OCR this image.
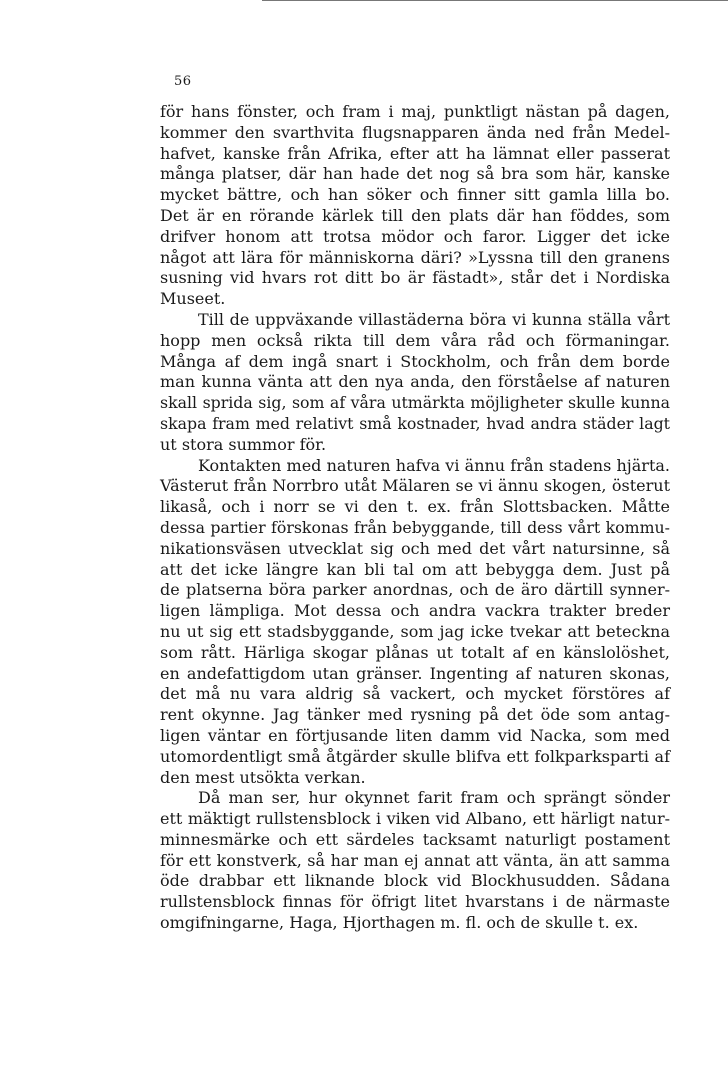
56
för hans fönster, och fram i maj, punktligt nästan på dagen,
kommer den svarthvita flugsnapparen ända ned från Medel-
hafvet, kanske från Afrika, efter att ha lämnat eller passerat
många platser, där han hade det nog så bra som här, kanske
mycket bättre, och han söker och finner sitt gamla lilla bo.
Det är en rörande kärlek till den plats där han föddes, som
drifver honom att trotsa mödor och faror. Ligger det icke
något att lära för människorna däri? »Lyssna till den granens
susning vid hvars rot ditt bo är fästadt», står det i Nordiska
Museet.
Till de uppväxande villastäderna böra vi kunna ställa vårt
hopp men också rikta till dem våra råd och förmaningar.
Många af dem ingå snart i Stockholm, och från dem borde
man kunna vänta att den nya anda, den förståelse af naturen
skall sprida sig, som af våra utmärkta möjligheter skulle kunna
skapa fram med relativt små kostnader, hvad andra städer lagt
ut stora summor för.
Kontakten med naturen hafva vi ännu från stadens hjärta.
Västerut från Norrbro utåt Mälaren se vi ännu skogen, österut
likaså, och i norr se vi den t. ex. från Slottsbacken. Måtte
dessa partier förskonas från bebyggande, till dess vårt kommu-
nikationsväsen utvecklat sig och med det vårt natursinne, så
att det icke längre kan bli tal om att bebygga dem. Just på
de platserna böra parker anordnas, och de äro därtill synner-
ligen lämpliga. Mot dessa och andra vackra trakter breder
nu ut sig ett stadsbyggande, som jag icke tvekar att beteckna
som rått. Härliga skogar plånas ut totalt af en känslolöshet,
en andefattigdom utan gränser. Ingenting af naturen skonas,
det må nu vara aldrig så vackert, och mycket förstöres af
rent okynne. Jag tänker med rysning på det öde som antag-
ligen väntar en förtjusande liten damm vid Nacka, som med
utomordentligt små åtgärder skulle blifva ett folkparksparti af
den mest utsökta verkan.
Då man ser, hur okynnet farit fram och sprängt sönder
ett mäktigt rullstensblock i viken vid Albano, ett härligt natur-
minnesmärke och ett särdeles tacksamt naturligt postament
för ett konstverk, så har man ej annat att vänta, än att samma
öde drabbar ett liknande block vid Blockhusudden. Sådana
rullstensblock finnas för öfrigt litet hvarstans i de närmaste
omgifningarne, Haga, Hjorthagen m. fl. och de skulle t. ex.
